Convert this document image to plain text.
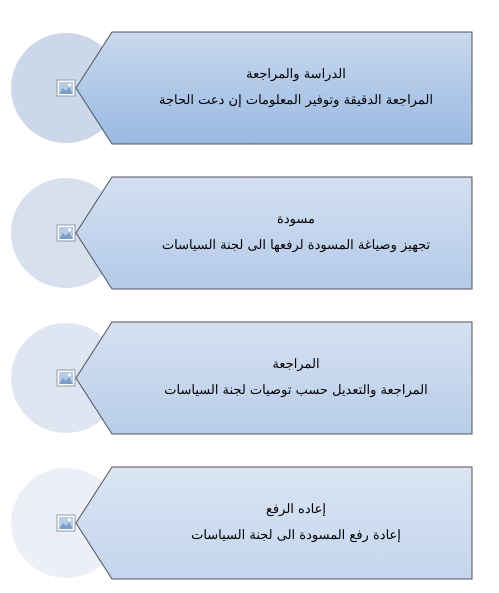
الدراسة والمراجعة
المراجعة الدقيقة وتوفير المعلومات إن دعت الحاجة
مسودة
تجهيز وصياغة المسودة لرفعها الى لجنة السياسات
المراجعة
المراجعة والتعديل حسب توصيات لجنة السياسات
إعاده الرفع
إعادة رفع المسودة الى لجنة السياسات
